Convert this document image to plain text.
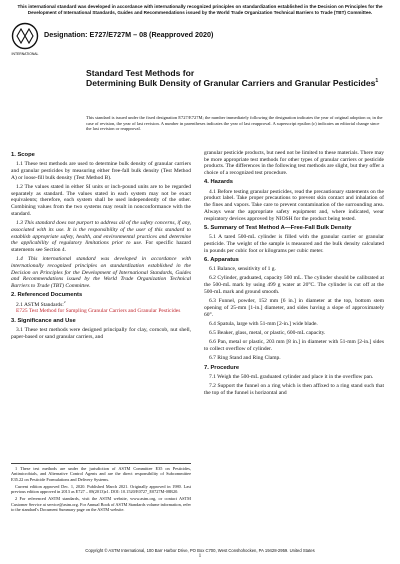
This international standard was developed in accordance with internationally recognized principles on standardization established in the Decision on Principles for the Development of International Standards, Guides and Recommendations issued by the World Trade Organization Technical Barriers to Trade (TBT) Committee.
INTERNATIONAL
Designation: E727/E727M – 08 (Reapproved 2020)
Standard Test Methods for
Determining Bulk Density of Granular Carriers and Granular Pesticides$^1$
This standard is issued under the fixed designation E727/E727M; the number immediately following the designation indicates the year of original adoption or, in the case of revision, the year of last revision. A number in parentheses indicates the year of last reapproval. A superscript epsilon (ε) indicates an editorial change since the last revision or reapproval.
1. Scope

1.1 These test methods are used to determine bulk density of granular carriers and granular pesticides by measuring either free-fall bulk density (Test Method A) or loose-fill bulk density (Test Method B).

1.2 The values stated in either SI units or inch-pound units are to be regarded separately as standard. The values stated in each system may not be exact equivalents; therefore, each system shall be used independently of the other. Combining values from the two systems may result in nonconformance with the standard.

1.3 This standard does not purport to address all of the safety concerns, if any, associated with its use. It is the responsibility of the user of this standard to establish appropriate safety, health, and environmental practices and determine the applicability of regulatory limitations prior to use. For specific hazard statements see Section 4.

1.4 This international standard was developed in accordance with internationally recognized principles on standardization established in the Decision on Principles for the Development of International Standards, Guides and Recommendations issued by the World Trade Organization Technical Barriers to Trade (TBT) Committee.

2. Referenced Documents

2.1 ASTM Standards:$^2$

E725 Test Method for Sampling Granular Carriers and Granular Pesticides

3. Significance and Use

3.1 These test methods were designed principally for clay, corncob, nut shell, paper-based or sand granular carriers, and

1 These test methods are under the jurisdiction of ASTM Committee E35 on Pesticides, Antimicrobials, and Alternative Control Agents and are the direct responsibility of Subcommittee E35.22 on Pesticide Formulations and Delivery Systems.

Current edition approved Dec. 1, 2020. Published March 2021. Originally approved in 1980. Last previous edition approved in 2013 as E727 – 08(2013)ε1. DOI: 10.1520/E0727_E0727M-08R20.

2 For referenced ASTM standards, visit the ASTM website, www.astm.org, or contact ASTM Customer Service at service@astm.org. For Annual Book of ASTM Standards volume information, refer to the standard's Document Summary page on the ASTM website.

granular pesticide products, but need not be limited to these materials. There may be more appropriate test methods for other types of granular carriers or pesticide products. The differences in the following test methods are slight, but they offer a choice of a recognized test procedure.

4. Hazards

4.1 Before testing granular pesticides, read the precautionary statements on the product label. Take proper precautions to prevent skin contact and inhalation of the fines and vapors. Take care to prevent contamination of the surrounding area. Always wear the appropriate safety equipment and, where indicated, wear respiratory devices approved by NIOSH for the product being tested.

5. Summary of Test Method A—Free-Fall Bulk Density

5.1 A tared 500-mL cylinder is filled with the granular carrier or granular pesticide. The weight of the sample is measured and the bulk density calculated in pounds per cubic foot or kilograms per cubic meter.

6. Apparatus

6.1 Balance, sensitivity of 1 g.

6.2 Cylinder, graduated, capacity 500 mL. The cylinder should be calibrated at the 500-mL mark by using 499 g water at 20°C. The cylinder is cut off at the 500-mL mark and ground smooth.

6.3 Funnel, powder, 152 mm [6 in.] in diameter at the top, bottom stem opening of 25-mm [1-in.] diameter, and sides having a slope of approximately 60°.

6.4 Spatula, large with 51-mm [2-in.] wide blade.

6.5 Beaker, glass, metal, or plastic, 600-mL capacity.

6.6 Pan, metal or plastic, 203 mm [8 in.] in diameter with 51-mm [2-in.] sides to collect overflow of cylinder.

6.7 Ring Stand and Ring Clamp.

7. Procedure

7.1 Weigh the 500-mL graduated cylinder and place it in the overflow pan.

7.2 Support the funnel on a ring which is then affixed to a ring stand such that the top of the funnel is horizontal and

Copyright © ASTM International, 100 Barr Harbor Drive, PO Box C700, West Conshohocken, PA 19428-2959. United States
1
